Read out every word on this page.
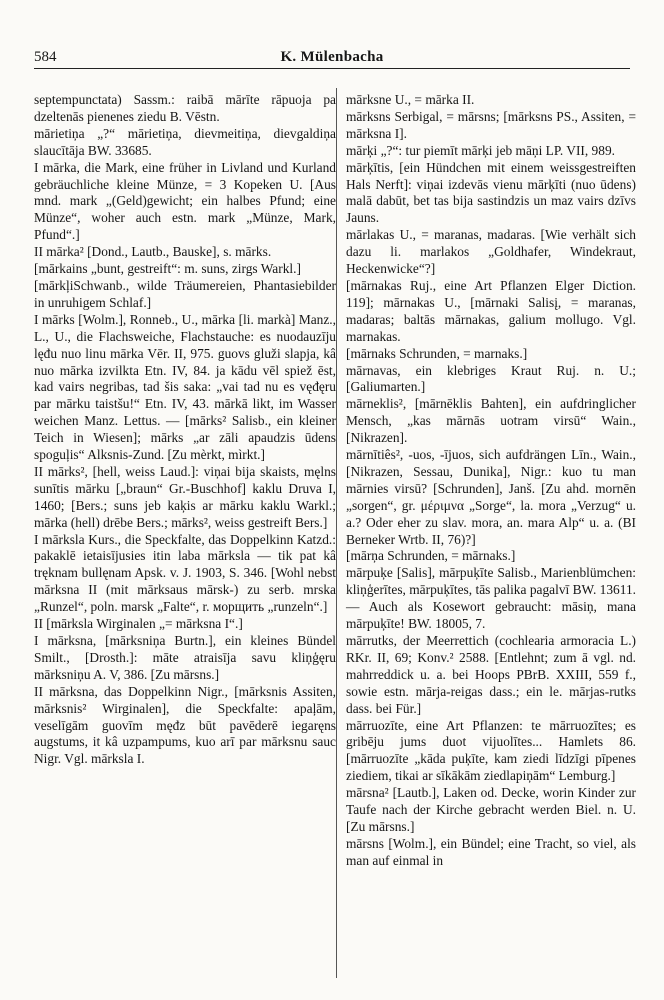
584	K. Mülenbacha

septempunctata) Sassm.: raibā mārīte rāpuoja pa dzeltenās pienenes ziedu B. Vēstn.

mārietiņa „?“ mārietiņa, dievmeitiņa, dievgaldiņa slaucītāja BW. 33685.

I mārka, die Mark, eine früher in Livland und Kurland gebräuchliche kleine Münze, = 3 Kopeken U. [Aus mnd. mark „(Geld)gewicht; ein halbes Pfund; eine Münze“, woher auch estn. mark „Münze, Mark, Pfund“.]

II mārka² [Dond., Lautb., Bauske], s. mārks.

[mārkains „bunt, gestreift“: m. suns, zirgs Warkl.]

[mārkļiSchwanb., wilde Träumereien, Phantasiebilder in unruhigem Schlaf.]

I mārks [Wolm.], Ronneb., U., mārka [li. markà] Manz., L., U., die Flachsweiche, Flachstauche: es nuodauzīju lęđu nuo linu mārka Vēr. II, 975. guovs gluži slapja, kâ nuo mārka izvilkta Etn. IV, 84. ja kādu vēl spiež ēst, kad vairs negribas, tad šis saka: „vai tad nu es vęđęru par mārku taistšu!“ Etn. IV, 43. mārkā likt, im Wasser weichen Manz. Lettus. — [mārks² Salisb., ein kleiner Teich in Wiesen]; mārks „ar zāli apaudzis ūdens spoguļis“ Alksnis-Zund. [Zu mèrkt, mìrkt.]

II mārks², [hell, weiss Laud.]: viņai bija skaists, męlns sunītis mārku [„braun“ Gr.-Buschhof] kaklu Druva I, 1460; [Bers.; suns jeb kaķis ar mārku kaklu Warkl.; mārka (hell) drēbe Bers.; mārks², weiss gestreift Bers.]

I mārksla Kurs., die Speckfalte, das Doppelkinn Katzd.: pakaklē ietaisījusies itin laba mārksla — tik pat kâ tręknam bullęnam Apsk. v. J. 1903, S. 346. [Wohl nebst mārksna II (mit mārksaus mārsk-) zu serb. mrska „Runzel“, poln. marsk „Falte“, r. морщить „runzeln“.]

II [mārksla Wirginalen „= mārksna I“.]

I mārksna, [mārksniņa Burtn.], ein kleines Bündel Smilt., [Drosth.]: māte atraisīja savu kliņģęru mārksniņu A. V, 386. [Zu mārsns.]

II mārksna, das Doppelkinn Nigr., [mārksnis Assiten, mārksnis² Wirginalen], die Speckfalte: apaļām, veselīgām guovīm męđz būt pavēderē iegaręns augstums, it kâ uzpampums, kuo arī par mārksnu sauc Nigr. Vgl. mārksla I.

mārksne U., = mārka II.

mārksns Serbigal, = mārsns; [mārksns PS., Assiten, = mārksna I].

mārķi „?“: tur piemīt mārķi jeb māņi LP. VII, 989.

mārķītis, [ein Hündchen mit einem weissgestreiften Hals Nerft]: viņai izdevās vienu mārķīti (nuo ūdens) malā dabūt, bet tas bija sastindzis un maz vairs dzīvs Jauns.

mārlakas U., = maranas, madaras. [Wie verhält sich dazu li. marlakos „Goldhafer, Windekraut, Heckenwicke“?]

[mārnakas Ruj., eine Art Pflanzen Elger Diction. 119]; mārnakas U., [mārnaki Salisį, = maranas, madaras; baltās mārnakas, galium mollugo. Vgl. marnakas.

[mārnaks Schrunden, = marnaks.]

mārnavas, ein klebriges Kraut Ruj. n. U.; [Galiumarten.]

mārneklis², [mārnēklis Bahten], ein aufdringlicher Mensch, „kas mārnās uotram virsū“ Wain., [Nikrazen].

mārnītiês², -uos, -ījuos, sich aufdrängen Līn., Wain., [Nikrazen, Sessau, Dunika], Nigr.: kuo tu man mārnies virsū? [Schrunden], Janš. [Zu ahd. mornēn „sorgen“, gr. μέριμνα „Sorge“, la. mora „Verzug“ u. a.? Oder eher zu slav. mora, an. mara Alp“ u. a. (BI Berneker Wrtb. II, 76)?]

[mārņa Schrunden, = mārnaks.]

mārpuķe [Salis], mārpuķīte Salisb., Marienblümchen: kliņģerītes, mārpuķītes, tās palika pagalvī BW. 13611. — Auch als Kosewort gebraucht: māsiņ, mana mārpuķīte! BW. 18005, 7.

mārrutks, der Meerrettich (cochlearia armoracia L.) RKr. II, 69; Konv.² 2588. [Entlehnt; zum ā vgl. nd. mahrreddick u. a. bei Hoops PBrB. XXIII, 559 f., sowie estn. mārja-reigas dass.; ein le. mārjas-rutks dass. bei Für.]

mārruozīte, eine Art Pflanzen: te mārruozītes; es gribēju jums duot vijuolītes... Hamlets 86. [mārruozīte „kāda puķīte, kam ziedi līdzīgi pīpenes ziediem, tikai ar sīkākām ziedlapiņām“ Lemburg.]

mārsna² [Lautb.], Laken od. Decke, worin Kinder zur Taufe nach der Kirche gebracht werden Biel. n. U. [Zu mārsns.]

mārsns [Wolm.], ein Bündel; eine Tracht, so viel, als man auf einmal in
